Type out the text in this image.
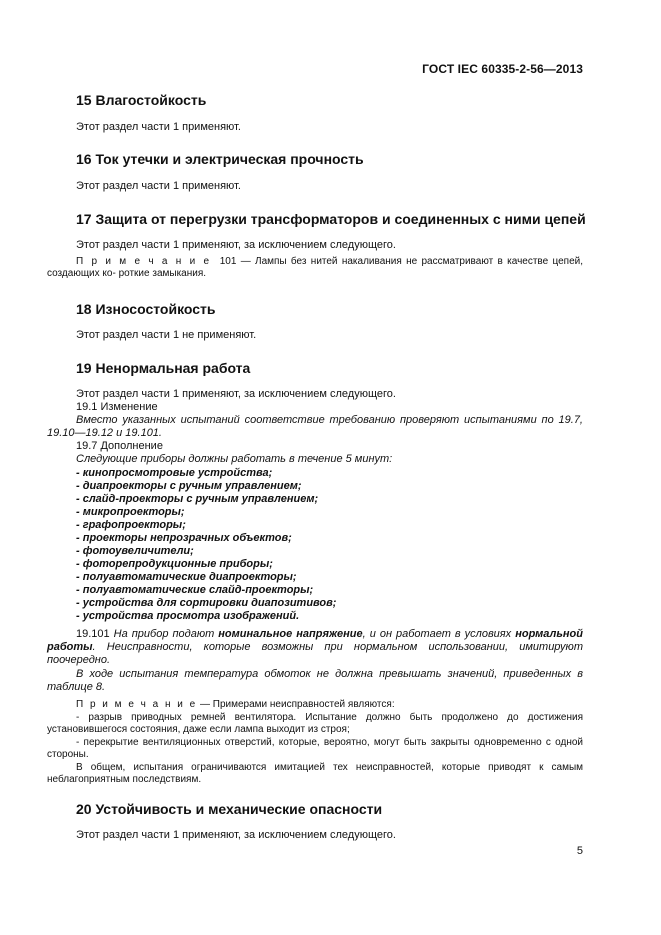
ГОСТ IEC 60335-2-56—2013
15 Влагостойкость
Этот раздел части 1 применяют.
16 Ток утечки и электрическая прочность
Этот раздел части 1 применяют.
17 Защита от перегрузки трансформаторов и соединенных с ними цепей
Этот раздел части 1 применяют, за исключением следующего.
П р и м е ч а н и е 101 — Лампы без нитей накаливания не рассматривают в качестве цепей, создающих ко- роткие замыкания.
18 Износостойкость
Этот раздел части 1 не применяют.
19 Ненормальная работа
Этот раздел части 1 применяют, за исключением следующего.
19.1 Изменение
Вместо указанных испытаний соответствие требованию проверяют испытаниями по 19.7, 19.10—19.12 и 19.101.
19.7 Дополнение
Следующие приборы должны работать в течение 5 минут:
- кинопросмотровые устройства;
- диапроекторы с ручным управлением;
- слайд-проекторы с ручным управлением;
- микропроекторы;
- графопроекторы;
- проекторы непрозрачных объектов;
- фотоувеличители;
- фоторепродукционные приборы;
- полуавтоматические диапроекторы;
- полуавтоматические слайд-проекторы;
- устройства для сортировки диапозитивов;
- устройства просмотра изображений.
19.101 На прибор подают номинальное напряжение, и он работает в условиях нормальной работы. Неисправности, которые возможны при нормальном использовании, имитируют поочередно.
В ходе испытания температура обмоток не должна превышать значений, приведенных в таблице 8.
П р и м е ч а н и е — Примерами неисправностей являются:
- разрыв приводных ремней вентилятора. Испытание должно быть продолжено до достижения установившегося состояния, даже если лампа выходит из строя;
- перекрытие вентиляционных отверстий, которые, вероятно, могут быть закрыты одновременно с одной стороны.
В общем, испытания ограничиваются имитацией тех неисправностей, которые приводят к самым неблагоприятным последствиям.
20 Устойчивость и механические опасности
Этот раздел части 1 применяют, за исключением следующего.
5
